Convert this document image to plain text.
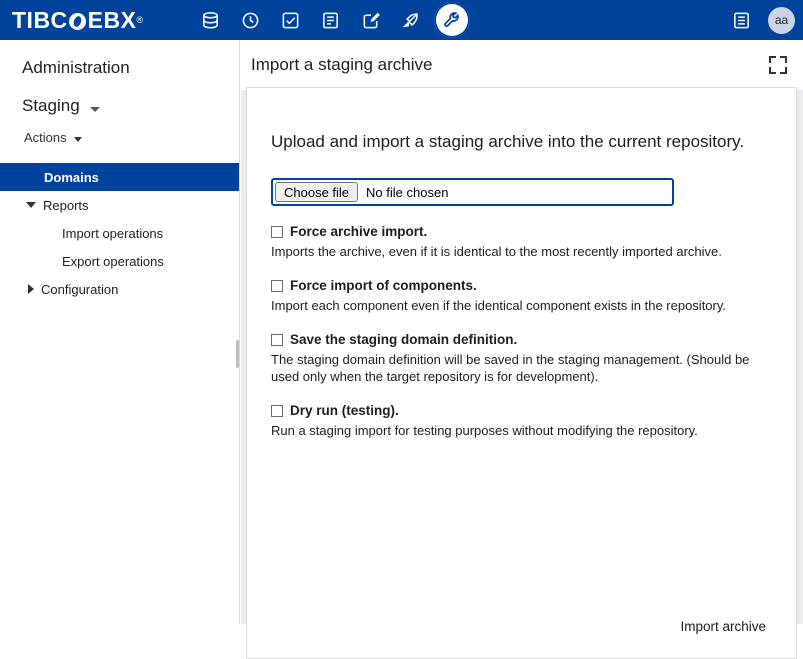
TIBC EBX ®	aa
Administration
Staging
Actions
Domains
Reports
Import operations
Export operations
Configuration
Import a staging archive
Upload and import a staging archive into the current repository.
Choose file	No file chosen
Force archive import.
Imports the archive, even if it is identical to the most recently imported archive.
Force import of components.
Import each component even if the identical component exists in the repository.
Save the staging domain definition.
The staging domain definition will be saved in the staging management. (Should be used only when the target repository is for development).
Dry run (testing).
Run a staging import for testing purposes without modifying the repository.
Import archive
